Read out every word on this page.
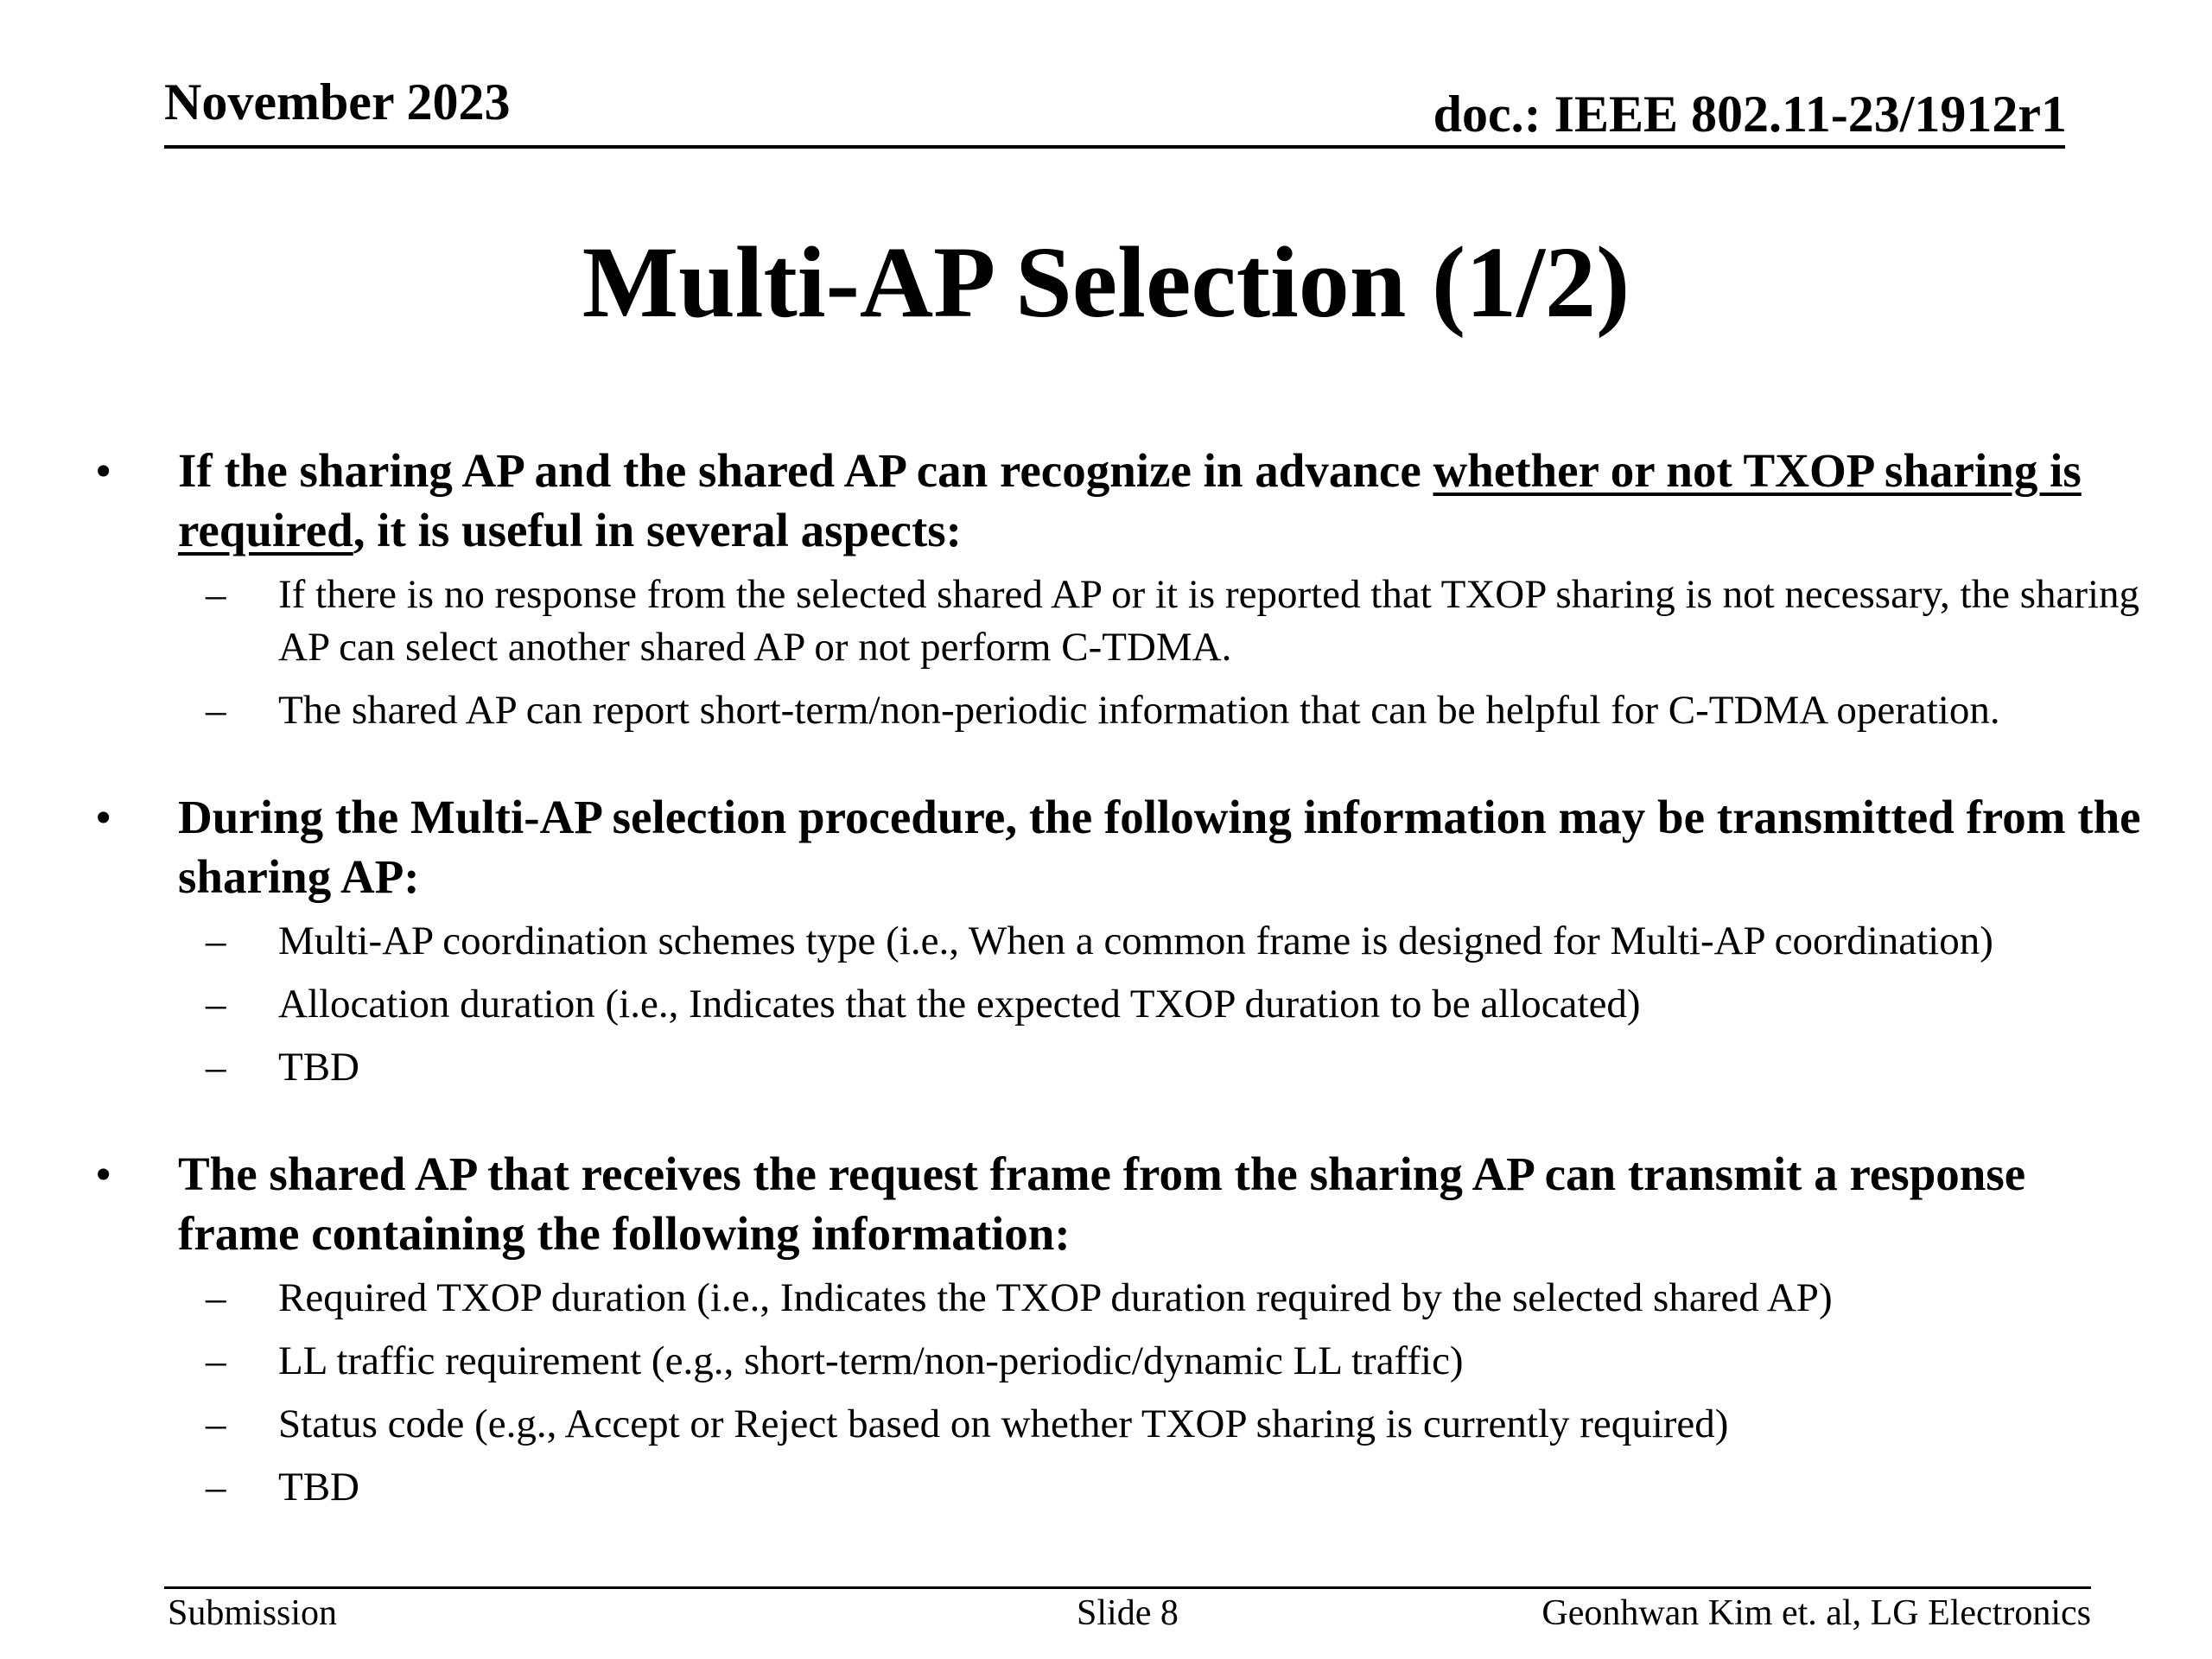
November 2023	doc.: IEEE 802.11-23/1912r1
Multi-AP Selection (1/2)
• If the sharing AP and the shared AP can recognize in advance whether or not TXOP sharing is required, it is useful in several aspects:
– If there is no response from the selected shared AP or it is reported that TXOP sharing is not necessary, the sharing AP can select another shared AP or not perform C-TDMA.
– The shared AP can report short-term/non-periodic information that can be helpful for C-TDMA operation.
• During the Multi-AP selection procedure, the following information may be transmitted from the sharing AP:
– Multi-AP coordination schemes type (i.e., When a common frame is designed for Multi-AP coordination)
– Allocation duration (i.e., Indicates that the expected TXOP duration to be allocated)
– TBD
• The shared AP that receives the request frame from the sharing AP can transmit a response frame containing the following information:
– Required TXOP duration (i.e., Indicates the TXOP duration required by the selected shared AP)
– LL traffic requirement (e.g., short-term/non-periodic/dynamic LL traffic)
– Status code (e.g., Accept or Reject based on whether TXOP sharing is currently required)
– TBD
Submission	Slide 8	Geonhwan Kim et. al, LG Electronics
